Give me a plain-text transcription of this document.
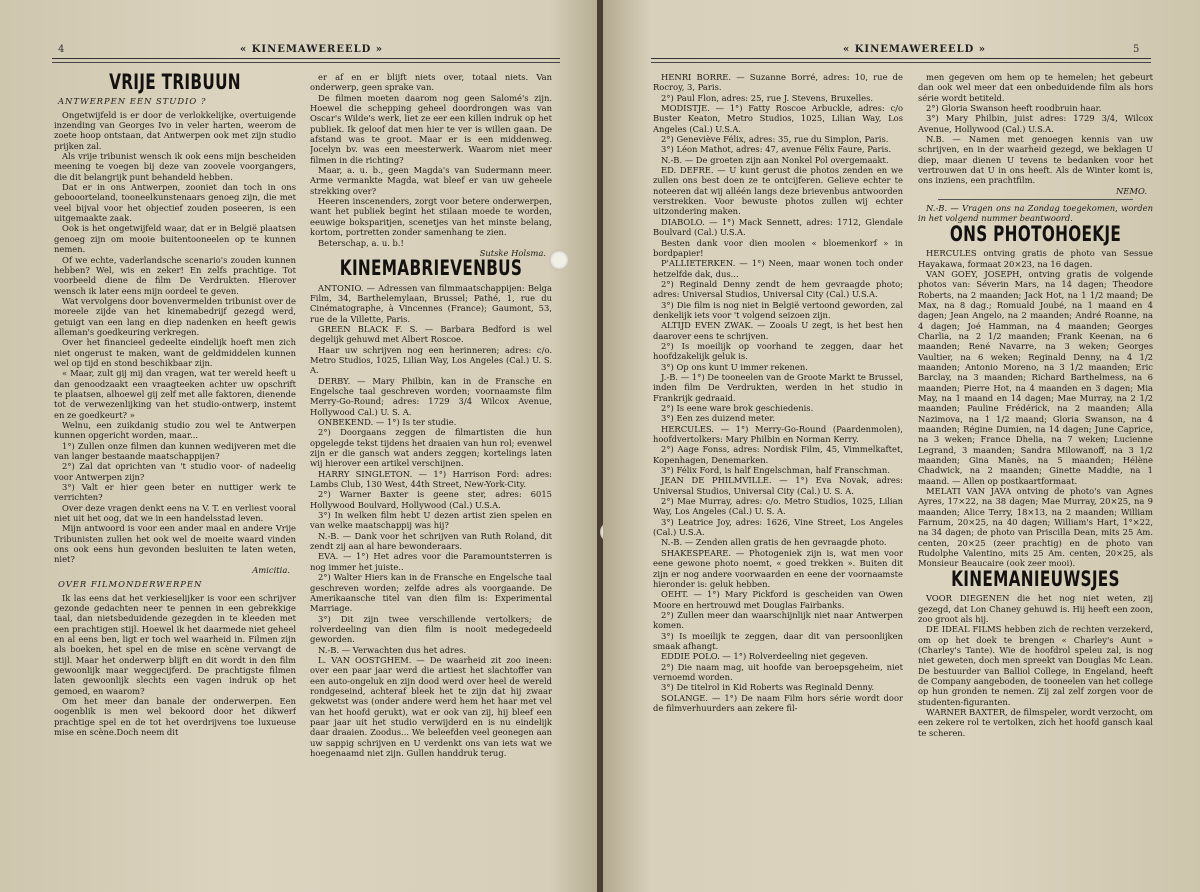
4	« KINEMAWEREELD »
VRIJE TRIBUUN
ANTWERPEN EEN STUDIO ?

Ongetwijfeld is er door de verlokkelijke, overtuigende inzending van Georges Ivo in veler harten, weerom de zoete hoop ontstaan, dat Antwerpen ook met zijn studio prijken zal.

Als vrije tribunist wensch ik ook eens mijn bescheiden meening te voegen bij deze van zoovele voorgangers, die dit belangrijk punt behandeld hebben.

Dat er in ons Antwerpen, zooniet dan toch in ons gebooorteland, tooneelkunstenaars genoeg zijn, die met veel bijval voor het objectief zouden poseeren, is een uitgemaakte zaak.

Ook is het ongetwijfeld waar, dat er in België plaatsen genoeg zijn om mooie buitentooneelen op te kunnen nemen.

Of we echte, vaderlandsche scenario's zouden kunnen hebben? Wel, wis en zeker! En zelfs prachtige. Tot voorbeeld diene de film De Verdrukten. Hierover wensch ik later eens mijn oordeel te geven.

Wat vervolgens door bovenvermelden tribunist over de moreele zijde van het kinemabedrijf gezegd werd, getuigt van een lang en diep nadenken en heeft gewis alleman's goedkeuring verkregen.

Over het financieel gedeelte eindelijk hoeft men zich niet ongerust te maken, want de geldmiddelen kunnen wel op tijd en stond beschikbaar zijn.

« Maar, zult gij mij dan vragen, wat ter wereld heeft u dan genoodzaakt een vraagteeken achter uw opschrift te plaatsen, alhoewel gij zelf met alle faktoren, dienende tot de verwezenlijking van het studio-ontwerp, instemt en ze goedkeurt? »

Welnu, een zuikdanig studio zou wel te Antwerpen kunnen opgericht worden, maar...

1°) Zullen onze filmen dan kunnen wedijveren met die van langer bestaande maatschappijen?

2°) Zal dat oprichten van 't studio voor- of nadeelig voor Antwerpen zijn?

3°) Valt er hier geen beter en nuttiger werk te verrichten?

Over deze vragen denkt eens na V. T. en verliest vooral niet uit het oog, dat we in een handelsstad leven.

Mijn antwoord is voor een ander maal en andere Vrije Tribunisten zullen het ook wel de moeite waard vinden ons ook eens hun gevonden besluiten te laten weten, niet?

Amicitia.
OVER FILMONDERWERPEN

Ik las eens dat het verkieselijker is voor een schrijver gezonde gedachten neer te pennen in een gebrekkige taal, dan nietsbeduidende gezegden in te kleeden met een prachtigen stijl. Hoewel ik het daarmede niet geheel en al eens ben, ligt er toch wel waarheid in. Filmen zijn als boeken, het spel en de mise en scène vervangt de stijl. Maar het onderwerp blijft en dit wordt in den film gewoonlijk maar weggecijferd. De prachtigste filmen laten gewoonlijk slechts een vagen indruk op het gemoed, en waarom?

Om het meer dan banale der onderwerpen. Een oogenblik is men wel bekoord door het dikwerf prachtige spel en de tot het overdrijvens toe luxueuse mise en scène.Doch neem dit

er af en er blijft niets over, totaal niets. Van onderwerp, geen sprake van.

De filmen moeten daarom nog geen Salomé's zijn. Hoewel die schepping geheel doordrongen was van Oscar's Wilde's werk, liet ze eer een killen indruk op het publiek. Ik geloof dat men hier te ver is willen gaan. De afstand was te groot. Maar er is een middenweg. Jocelyn bv. was een meesterwerk. Waarom niet meer filmen in die richting?

Maar, a. u. b., geen Magda's van Sudermann meer. Arme vermankte Magda, wat bleef er van uw geheele strekking over?

Heeren inscenenders, zorgt voor betere onderwerpen, want het publiek begint het stilaan moede te worden, eeuwige boksparitjen, scenetjes van het minste belang, kortom, portretten zonder samenhang te zien.

Beterschap, a. u. b.!

Sutske Holsma.
KINEMABRIEVENBUS

ANTONIO. — Adressen van filmmaatschappijen: Belga Film, 34, Barthelemylaan, Brussel; Pathé, 1, rue du Cinématographe, à Vincennes (France); Gaumont, 53, rue de la Villette, Paris.

GREEN BLACK F. S. — Barbara Bedford is wel degelijk gehuwd met Albert Roscoe.

Haar uw schrijven nog een herinneren; adres: c/o. Metro Studios, 1025, Lilian Way, Los Angeles (Cal.) U. S. A.

DERBY. — Mary Philbin, kan in de Fransche en Engelsche taal geschreven worden; voornaamste film Merry-Go-Round; adres: 1729 3/4 Wilcox Avenue, Hollywood Cal.) U. S. A.

ONBEKEND. — 1°) Is ter studie.

2°) Doorgaans zeggen de filmartisten die hun opgelegde tekst tijdens het draaien van hun rol; evenwel zijn er die gansch wat anders zeggen; kortelings laten wij hierover een artikel verschijnen.

HARRY SINGLETON. — 1°) Harrison Ford: adres: Lambs Club, 130 West, 44th Street, New-York-City.

2°) Warner Baxter is geene ster, adres: 6015 Hollywood Boulvard, Hollywood (Cal.) U.S.A.

3°) In welken film hebt U dezen artist zien spelen en van welke maatschappij was hij?

N.-B. — Dank voor het schrijven van Ruth Roland, dit zendt zij aan al hare bewonderaars.

EVA. — 1°) Het adres voor die Paramountsterren is nog immer het juiste..

2°) Walter Hiers kan in de Fransche en Engelsche taal geschreven worden; zelfde adres als voorgaande. De Amerikaansche titel van dien film is: Experimental Marriage.

3°) Dit zijn twee verschillende vertolkers; de rolverdeeling van dien film is nooit medegedeeld geworden.

N.-B. — Verwachten dus het adres.

L. VAN OOSTGHEM. — De waarheid zit zoo ineen: over een paar jaar werd die artiest het slachtoffer van een auto-ongeluk en zijn dood werd over heel de wereld rondgeseind, achteraf bleek het te zijn dat hij zwaar gekwetst was (onder andere werd hem het haar met vel van het hoofd gerukt), wat er ook van zij, hij bleef een paar jaar uit het studio verwijderd en is nu eindelijk daar draaien. Zoodus... We beleefden veel geonegen aan uw sappig schrijven en U verdenkt ons van iets wat we hoegenaamd niet zijn. Gullen handdruk terug.

« KINEMAWEREELD »	5

HENRI BORRE. — Suzanne Borré, adres: 10, rue de Rocroy, 3, Paris.

2°) Paul Flon, adres: 25, rue J. Stevens, Bruxelles.

MODISTJE. — 1°) Fatty Roscoe Arbuckle, adres: c/o Buster Keaton, Metro Studios, 1025, Lilian Way, Los Angeles (Cal.) U.S.A.

2°) Geneviève Félix, adres: 35, rue du Simplon, Paris.

3°) Léon Mathot, adres: 47, avenue Félix Faure, Paris.

N.-B. — De groeten zijn aan Nonkel Pol overgemaakt.

ED. DEFRE. — U kunt gerust die photos zenden en we zullen ons best doen ze te ontcijferen. Gelieve echter te noteeren dat wij alléén langs deze brievenbus antwoorden verstrekken. Voor bewuste photos zullen wij echter uitzondering maken.

DIABOLO. — 1°) Mack Sennett, adres: 1712, Glendale Boulvard (Cal.) U.S.A.

Besten dank voor dien moolen « bloemenkorf » in bordpapier!

P'ALLIETERKEN. — 1°) Neen, maar wonen toch onder hetzelfde dak, dus...

2°) Reginald Denny zendt de hem gevraagde photo; adres: Universal Studios, Universal City (Cal.) U.S.A.

3°) Die film is nog niet in België vertoond geworden, zal denkelijk iets voor 't volgend seizoen zijn.

ALTIJD EVEN ZWAK. — Zooals U zegt, is het best hen daarover eens te schrijven.

2°) Is moeilijk op voorhand te zeggen, daar het hoofdzakelijk geluk is.

3°) Op ons kunt U immer rekenen.

J.-B. — 1°) De tooneelen van de Groote Markt te Brussel, inden film De Verdrukten, werden in het studio in Frankrijk gedraaid.

2°) Is eene ware brok geschiedenis.

3°) Een zes duizend meter.

HERCULES. — 1°) Merry-Go-Round (Paardenmolen), hoofdvertolkers: Mary Philbin en Norman Kerry.

2°) Aage Fonss, adres: Nordisk Film, 45, Vimmelkaftet, Kopenhagen, Denemarken.

3°) Félix Ford, is half Engelschman, half Franschman.

JEAN DE PHILMVILLE. — 1°) Eva Novak, adres: Universal Studios, Universal City (Cal.) U. S. A.

2°) Mae Murray, adres: c/o. Metro Studios, 1025, Lilian Way, Los Angeles (Cal.) U. S. A.

3°) Leatrice Joy, adres: 1626, Vine Street, Los Angeles (Cal.) U.S.A.

N.-B. — Zenden allen gratis de hen gevraagde photo.

SHAKESPEARE. — Photogeniek zijn is, wat men voor eene gewone photo noemt, « goed trekken ». Buiten dit zijn er nog andere voorwaarden en eene der voornaamste hieronder is: geluk hebben.

OEHT. — 1°) Mary Pickford is gescheiden van Owen Moore en hertrouwd met Douglas Fairbanks.

2°) Zullen meer dan waarschijnlijk niet naar Antwerpen komen.

3°) Is moeilijk te zeggen, daar dit van persoonlijken smaak afhangt.

EDDIE POLO. — 1°) Rolverdeeling niet gegeven.

2°) Die naam mag, uit hoofde van beroepsgeheim, niet vernoemd worden.

3°) De titelrol in Kid Roberts was Reginald Denny.

SOLANGE. — 1°) De naam Film hors série wordt door de filmverhuurders aan zekere fil-

men gegeven om hem op te hemelen; het gebeurt dan ook wel meer dat een onbeduidende film als hors série wordt betiteld.

2°) Gloria Swanson heeft roodbruin haar.

3°) Mary Philbin, juist adres: 1729 3/4, Wilcox Avenue, Hollywood (Cal.) U.S.A.

N.B. — Namen met genoegen kennis van uw schrijven, en in der waarheid gezegd, we beklagen U diep, maar dienen U tevens te bedanken voor het vertrouwen dat U in ons heeft. Als de Winter komt is, ons inziens, een prachtfilm.

NEMO.

N.-B. — Vragen ons na Zondag toegekomen, worden in het volgend nummer beantwoord.

ONS PHOTOHOEKJE

HERCULES ontving gratis de photo van Sessue Hayakawa, formaat 20×23, na 16 dagen.

VAN GOEY, JOSEPH, ontving gratis de volgende photos van: Séverin Mars, na 14 dagen; Theodore Roberts, na 2 maanden; Jack Hot, na 1 1/2 maand; De Max, na 8 dag.; Romuald Joubé, na 1 maand en 4 dagen; Jean Angelo, na 2 maanden; André Roanne, na 4 dagen; Joé Hamman, na 4 maanden; Georges Charlia, na 2 1/2 maanden; Frank Keenan, na 6 maanden; René Navarre, na 3 weken; Georges Vaultier, na 6 weken; Reginald Denny, na 4 1/2 maanden; Antonio Moreno, na 3 1/2 maanden; Eric Barclay, na 3 maanden; Richard Barthelmess, na 6 maanden; Pierre Hot, na 4 maanden en 3 dagen; Mia May, na 1 maand en 14 dagen; Mae Murray, na 2 1/2 maanden; Pauline Frédérick, na 2 maanden; Alla Nazimova, na 1 1/2 maand; Gloria Swanson, na 4 maanden; Régine Dumien, na 14 dagen; June Caprice, na 3 weken; France Dhelia, na 7 weken; Lucienne Legrand, 3 maanden; Sandra Milowanoff, na 3 1/2 maanden; Gina Manès, na 5 maanden; Hélène Chadwick, na 2 maanden; Ginette Maddie, na 1 maand. — Allen op postkaartformaat.

MELATI VAN JAVA ontving de photo's van Agnes Ayres, 17×22, na 38 dagen; Mae Murray, 20×25, na 9 maanden; Alice Terry, 18×13, na 2 maanden; William Farnum, 20×25, na 40 dagen; William's Hart, 1°×22, na 34 dagen; de photo van Priscilla Dean, mits 25 Am. centen, 20×25 (zeer prachtig) en de photo van Rudolphe Valentino, mits 25 Am. centen, 20×25, als Monsieur Beaucaire (ook zeer mooi).

KINEMANIEUWSJES

VOOR DIEGENEN die het nog niet weten, zij gezegd, dat Lon Chaney gehuwd is. Hij heeft een zoon, zoo groot als hij.

DE IDEAL FILMS hebben zich de rechten verzekerd, om op het doek te brengen « Charley's Aunt » (Charley's Tante). Wie de hoofdrol speleu zal, is nog niet geweten, doch men spreekt van Douglas Mc Lean. De bestuurder van Balliol College, in Engeland, heeft de Company aangeboden, de tooneelen van het college op hun gronden te nemen. Zij zal zelf zorgen voor de studenten-figuranten.

WARNER BAXTER, de filmspeler, wordt verzocht, om een zekere rol te vertolken, zich het hoofd gansch kaal te scheren.
